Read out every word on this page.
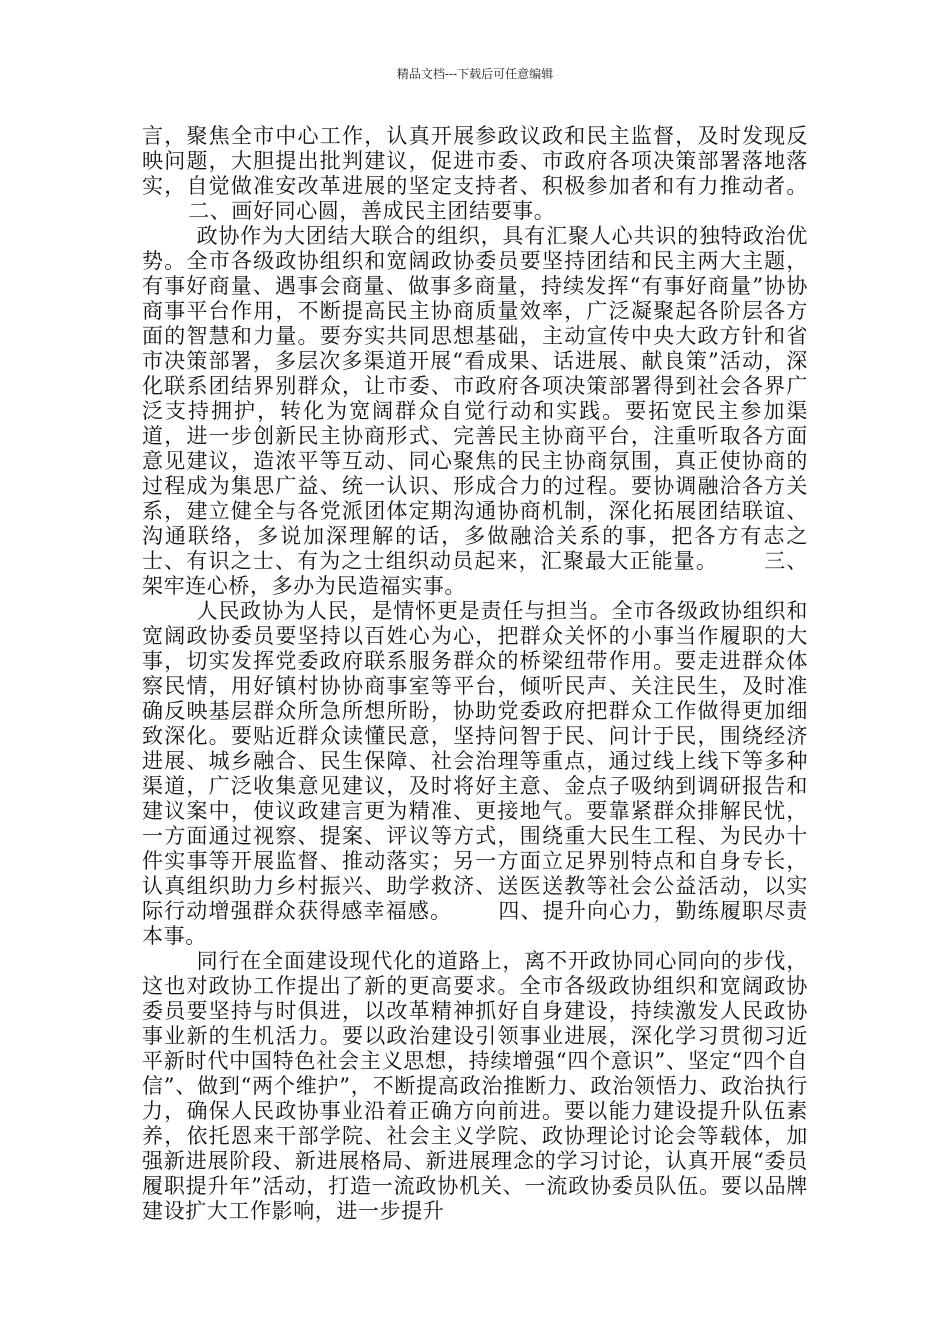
精品文档---下载后可任意编辑

言，聚焦全市中心工作，认真开展参政议政和民主监督，及时发现反映问题，大胆提出批判建议，促进市委、市政府各项决策部署落地落实，自觉做准安改革进展的坚定支持者、积极参加者和有力推动者。二、画好同心圆，善成民主团结要事。

政协作为大团结大联合的组织，具有汇聚人心共识的独特政治优势。全市各级政协组织和宽阔政协委员要坚持团结和民主两大主题，有事好商量、遇事会商量、做事多商量，持续发挥“有事好商量”协协商事平台作用，不断提高民主协商质量效率，广泛凝聚起各阶层各方面的智慧和力量。要夯实共同思想基础，主动宣传中央大政方针和省市决策部署，多层次多渠道开展“看成果、话进展、献良策”活动，深化联系团结界别群众，让市委、市政府各项决策部署得到社会各界广泛支持拥护，转化为宽阔群众自觉行动和实践。要拓宽民主参加渠道，进一步创新民主协商形式、完善民主协商平台，注重听取各方面意见建议，造浓平等互动、同心聚焦的民主协商氛围，真正使协商的过程成为集思广益、统一认识、形成合力的过程。要协调融洽各方关系，建立健全与各党派团体定期沟通协商机制，深化拓展团结联谊、沟通联络，多说加深理解的话，多做融洽关系的事，把各方有志之士、有识之士、有为之士组织动员起来，汇聚最大正能量。 三、架牢连心桥，多办为民造福实事。

人民政协为人民，是情怀更是责任与担当。全市各级政协组织和宽阔政协委员要坚持以百姓心为心，把群众关怀的小事当作履职的大事，切实发挥党委政府联系服务群众的桥梁纽带作用。要走进群众体察民情，用好镇村协协商事室等平台，倾听民声、关注民生，及时准确反映基层群众所急所想所盼，协助党委政府把群众工作做得更加细致深化。要贴近群众读懂民意，坚持问智于民、问计于民，围绕经济进展、城乡融合、民生保障、社会治理等重点，通过线上线下等多种渠道，广泛收集意见建议，及时将好主意、金点子吸纳到调研报告和建议案中，使议政建言更为精准、更接地气。要靠紧群众排解民忧，一方面通过视察、提案、评议等方式，围绕重大民生工程、为民办十件实事等开展监督、推动落实；另一方面立足界别特点和自身专长，认真组织助力乡村振兴、助学救济、送医送教等社会公益活动，以实际行动增强群众获得感幸福感。 四、提升向心力，勤练履职尽责本事。

同行在全面建设现代化的道路上，离不开政协同心同向的步伐，这也对政协工作提出了新的更高要求。全市各级政协组织和宽阔政协委员要坚持与时俱进，以改革精神抓好自身建设，持续激发人民政协事业新的生机活力。要以政治建设引领事业进展，深化学习贯彻习近平新时代中国特色社会主义思想，持续增强“四个意识”、坚定“四个自信”、做到“两个维护”，不断提高政治推断力、政治领悟力、政治执行力，确保人民政协事业沿着正确方向前进。要以能力建设提升队伍素养，依托恩来干部学院、社会主义学院、政协理论讨论会等载体，加强新进展阶段、新进展格局、新进展理念的学习讨论，认真开展“委员履职提升年”活动，打造一流政协机关、一流政协委员队伍。要以品牌建设扩大工作影响，进一步提升
